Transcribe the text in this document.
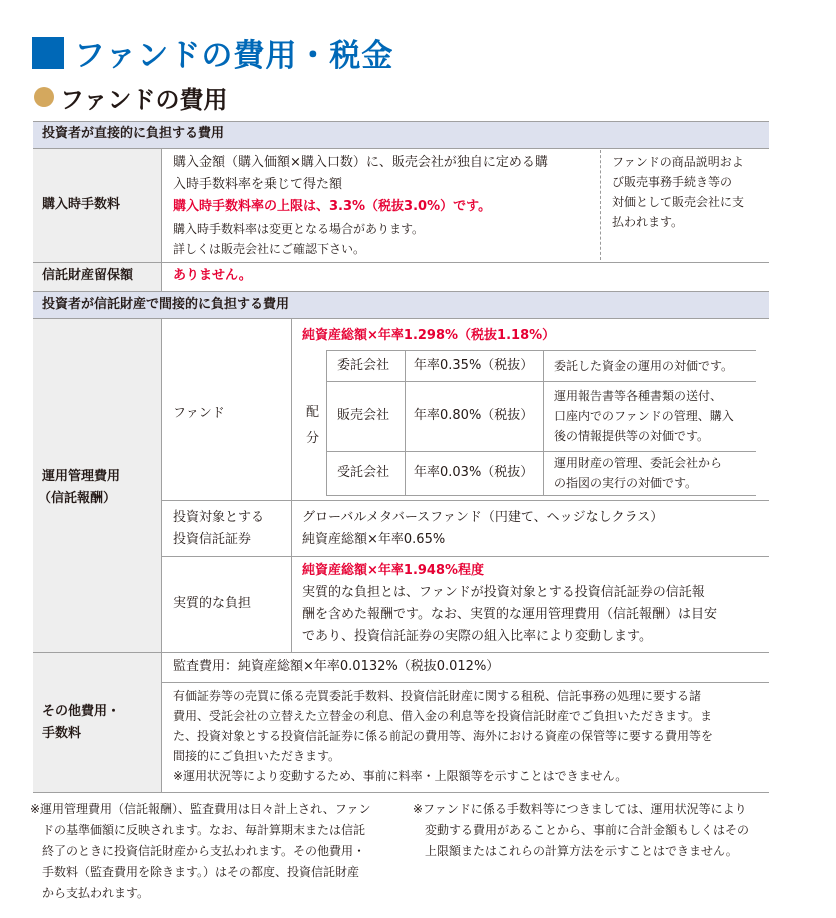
ファンドの費用・税金
ファンドの費用
投資者が直接的に負担する費用
購入時手数料
購入金額（購入価額×購入口数）に、販売会社が独自に定める購
入時手数料率を乗じて得た額
購入時手数料率の上限は、3.3%（税抜3.0%）です。
購入時手数料率は変更となる場合があります。
詳しくは販売会社にご確認下さい。
ファンドの商品説明およ
び販売事務手続き等の
対価として販売会社に支
払われます。
信託財産留保額	ありません。
投資者が信託財産で間接的に負担する費用
運用管理費用
（信託報酬）
ファンド
純資産総額×年率1.298%（税抜1.18%）
配
分
委託会社 年率0.35%（税抜） 委託した資金の運用の対価です。
販売会社 年率0.80%（税抜）
運用報告書等各種書類の送付、
口座内でのファンドの管理、購入
後の情報提供等の対価です。
受託会社 年率0.03%（税抜）
運用財産の管理、委託会社から
の指図の実行の対価です。
投資対象とする
投資信託証券
グローバルメタバースファンド（円建て、ヘッジなしクラス）
純資産総額×年率0.65%
実質的な負担
純資産総額×年率1.948%程度
実質的な負担とは、ファンドが投資対象とする投資信託証券の信託報
酬を含めた報酬です。なお、実質的な運用管理費用（信託報酬）は目安
であり、投資信託証券の実際の組入比率により変動します。
その他費用・
手数料
監査費用：純資産総額×年率0.0132%（税抜0.012%）
有価証券等の売買に係る売買委託手数料、投資信託財産に関する租税、信託事務の処理に要する諸
費用、受託会社の立替えた立替金の利息、借入金の利息等を投資信託財産でご負担いただきます。ま
た、投資対象とする投資信託証券に係る前記の費用等、海外における資産の保管等に要する費用等を
間接的にご負担いただきます。
※運用状況等により変動するため、事前に料率・上限額等を示すことはできません。
※運用管理費用（信託報酬）、監査費用は日々計上され、ファン
ドの基準価額に反映されます。なお、毎計算期末または信託
終了のときに投資信託財産から支払われます。その他費用・
手数料（監査費用を除きます。）はその都度、投資信託財産
から支払われます。
※ファンドに係る手数料等につきましては、運用状況等により
変動する費用があることから、事前に合計金額もしくはその
上限額またはこれらの計算方法を示すことはできません。
